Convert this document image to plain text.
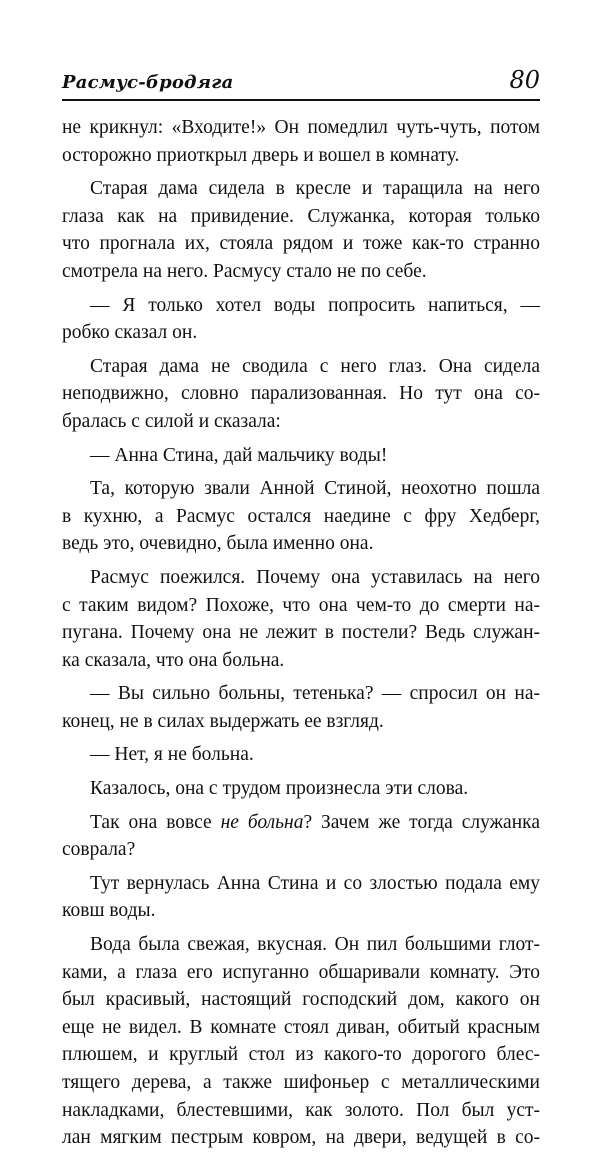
Расмус-бродяга	80
не крикнул: «Входите!» Он помедлил чуть-чуть, потом
осторожно приоткрыл дверь и вошел в комнату.
Старая дама сидела в кресле и таращила на него
глаза как на привидение. Служанка, которая только
что прогнала их, стояла рядом и тоже как-то странно
смотрела на него. Расмусу стало не по себе.
— Я только хотел воды попросить напиться, —
робко сказал он.
Старая дама не сводила с него глаз. Она сидела
неподвижно, словно парализованная. Но тут она со-
бралась с силой и сказала:
— Анна Стина, дай мальчику воды!
Та, которую звали Анной Стиной, неохотно пошла
в кухню, а Расмус остался наедине с фру Хедберг,
ведь это, очевидно, была именно она.
Расмус поежился. Почему она уставилась на него
с таким видом? Похоже, что она чем-то до смерти на-
пугана. Почему она не лежит в постели? Ведь служан-
ка сказала, что она больна.
— Вы сильно больны, тетенька? — спросил он на-
конец, не в силах выдержать ее взгляд.
— Нет, я не больна.
Казалось, она с трудом произнесла эти слова.
Так она вовсе не больна? Зачем же тогда служанка
соврала?
Тут вернулась Анна Стина и со злостью подала ему
ковш воды.
Вода была свежая, вкусная. Он пил большими глот-
ками, а глаза его испуганно обшаривали комнату. Это
был красивый, настоящий господский дом, какого он
еще не видел. В комнате стоял диван, обитый красным
плюшем, и круглый стол из какого-то дорогого блес-
тящего дерева, а также шифоньер с металлическими
накладками, блестевшими, как золото. Пол был уст-
лан мягким пестрым ковром, на двери, ведущей в со-
